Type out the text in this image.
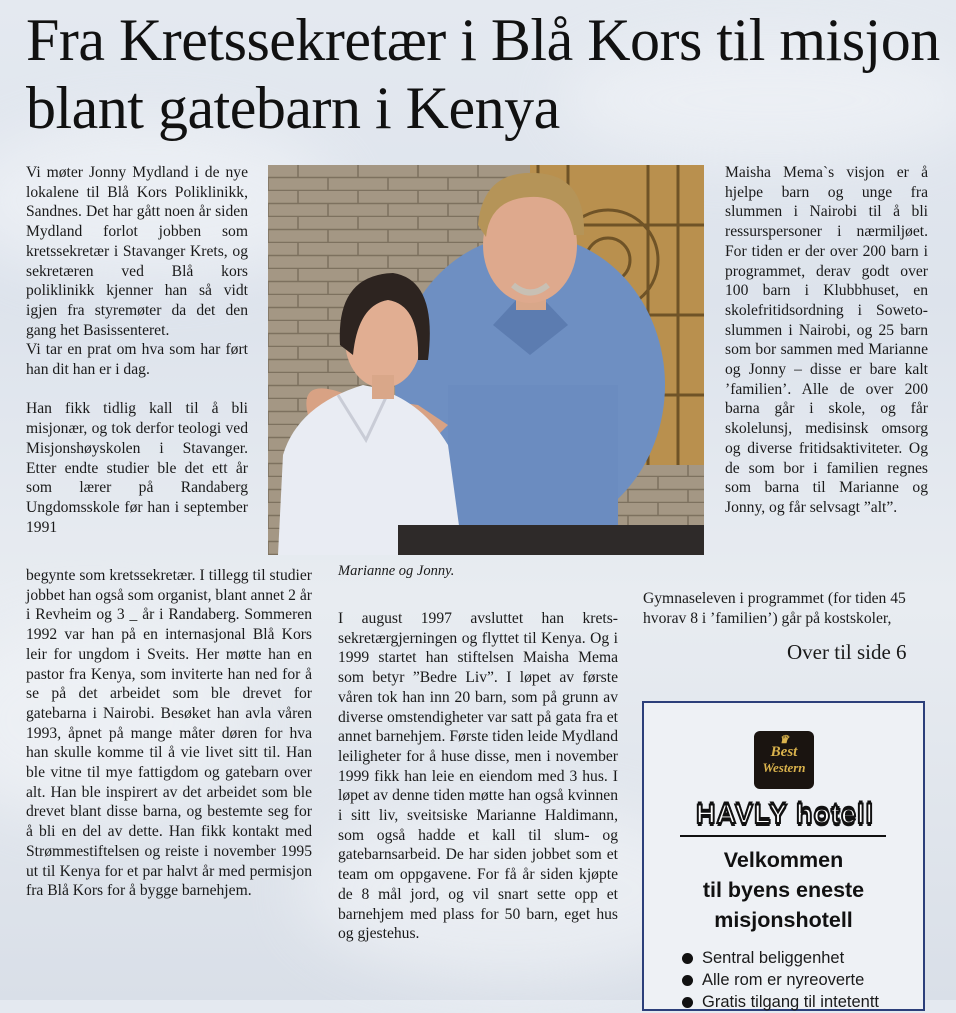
Fra Kretssekretær i Blå Kors til misjon blant gatebarn i Kenya

Vi møter Jonny Mydland i de nye lokalene til Blå Kors Poliklinikk, Sandnes. Det har gått noen år siden Mydland forlot jobben som kretssekretær i Stavanger Krets, og sekretæren ved Blå kors poliklinikk kjenner han så vidt igjen fra styremøter da det den gang het Basissenteret.

Vi tar en prat om hva som har ført han dit han er i dag.

Han fikk tidlig kall til å bli misjonær, og tok derfor teologi ved Misjonshøyskolen i Stavanger. Etter endte studier ble det ett år som lærer på Randaberg Ungdomsskole før han i september 1991

begynte som kretssekretær. I tillegg til studier jobbet han også som organist, blant annet 2 år i Revheim og 3 _ år i Randaberg. Sommeren 1992 var han på en internasjonal Blå Kors leir for ungdom i Sveits. Her møtte han en pastor fra Kenya, som inviterte han ned for å se på det arbeidet som ble drevet for gatebarna i Nairobi. Besøket han avla våren 1993, åpnet på mange måter døren for hva han skulle komme til å vie livet sitt til. Han ble vitne til mye fattigdom og gatebarn over alt. Han ble inspirert av det arbeidet som ble drevet blant disse barna, og bestemte seg for å bli en del av dette. Han fikk kontakt med Strømmestiftelsen og reiste i november 1995 ut til Kenya for et par halvt år med permisjon fra Blå Kors for å bygge barnehjem.

Marianne og Jonny.

I august 1997 avsluttet han krets-sekretærgjerningen og flyttet til Kenya. Og i 1999 startet han stiftelsen Maisha Mema som betyr ”Bedre Liv”. I løpet av første våren tok han inn 20 barn, som på grunn av diverse omstendigheter var satt på gata fra et annet barnehjem. Første tiden leide Mydland leiligheter for å huse disse, men i november 1999 fikk han leie en eiendom med 3 hus. I løpet av denne tiden møtte han også kvinnen i sitt liv, sveitsiske Marianne Haldimann, som også hadde et kall til slum- og gatebarnsarbeid. De har siden jobbet som et team om oppgavene. For få år siden kjøpte de 8 mål jord, og vil snart sette opp et barnehjem med plass for 50 barn, eget hus og gjestehus.

Maisha Mema`s visjon er å hjelpe barn og unge fra slummen i Nairobi til å bli ressurspersoner i nærmiljøet. For tiden er der over 200 barn i programmet, derav godt over 100 barn i Klubbhuset, en skolefritidsordning i Soweto-slummen i Nairobi, og 25 barn som bor sammen med Marianne og Jonny – disse er bare kalt ’familien’. Alle de over 200 barna går i skole, og får skolelunsj, medisinsk omsorg og diverse fritidsaktiviteter. Og de som bor i familien regnes som barna til Marianne og Jonny, og får selvsagt ”alt”.

Gymnaseleven i programmet (for tiden 45 hvorav 8 i ’familien’) går på kostskoler,

Over til side 6
♛
Best
Western
HAVLY hotell
Velkommen
til byens eneste
misjonshotell
Sentral beliggenhet
Alle rom er nyreoverte
Gratis tilgang til intetentt
